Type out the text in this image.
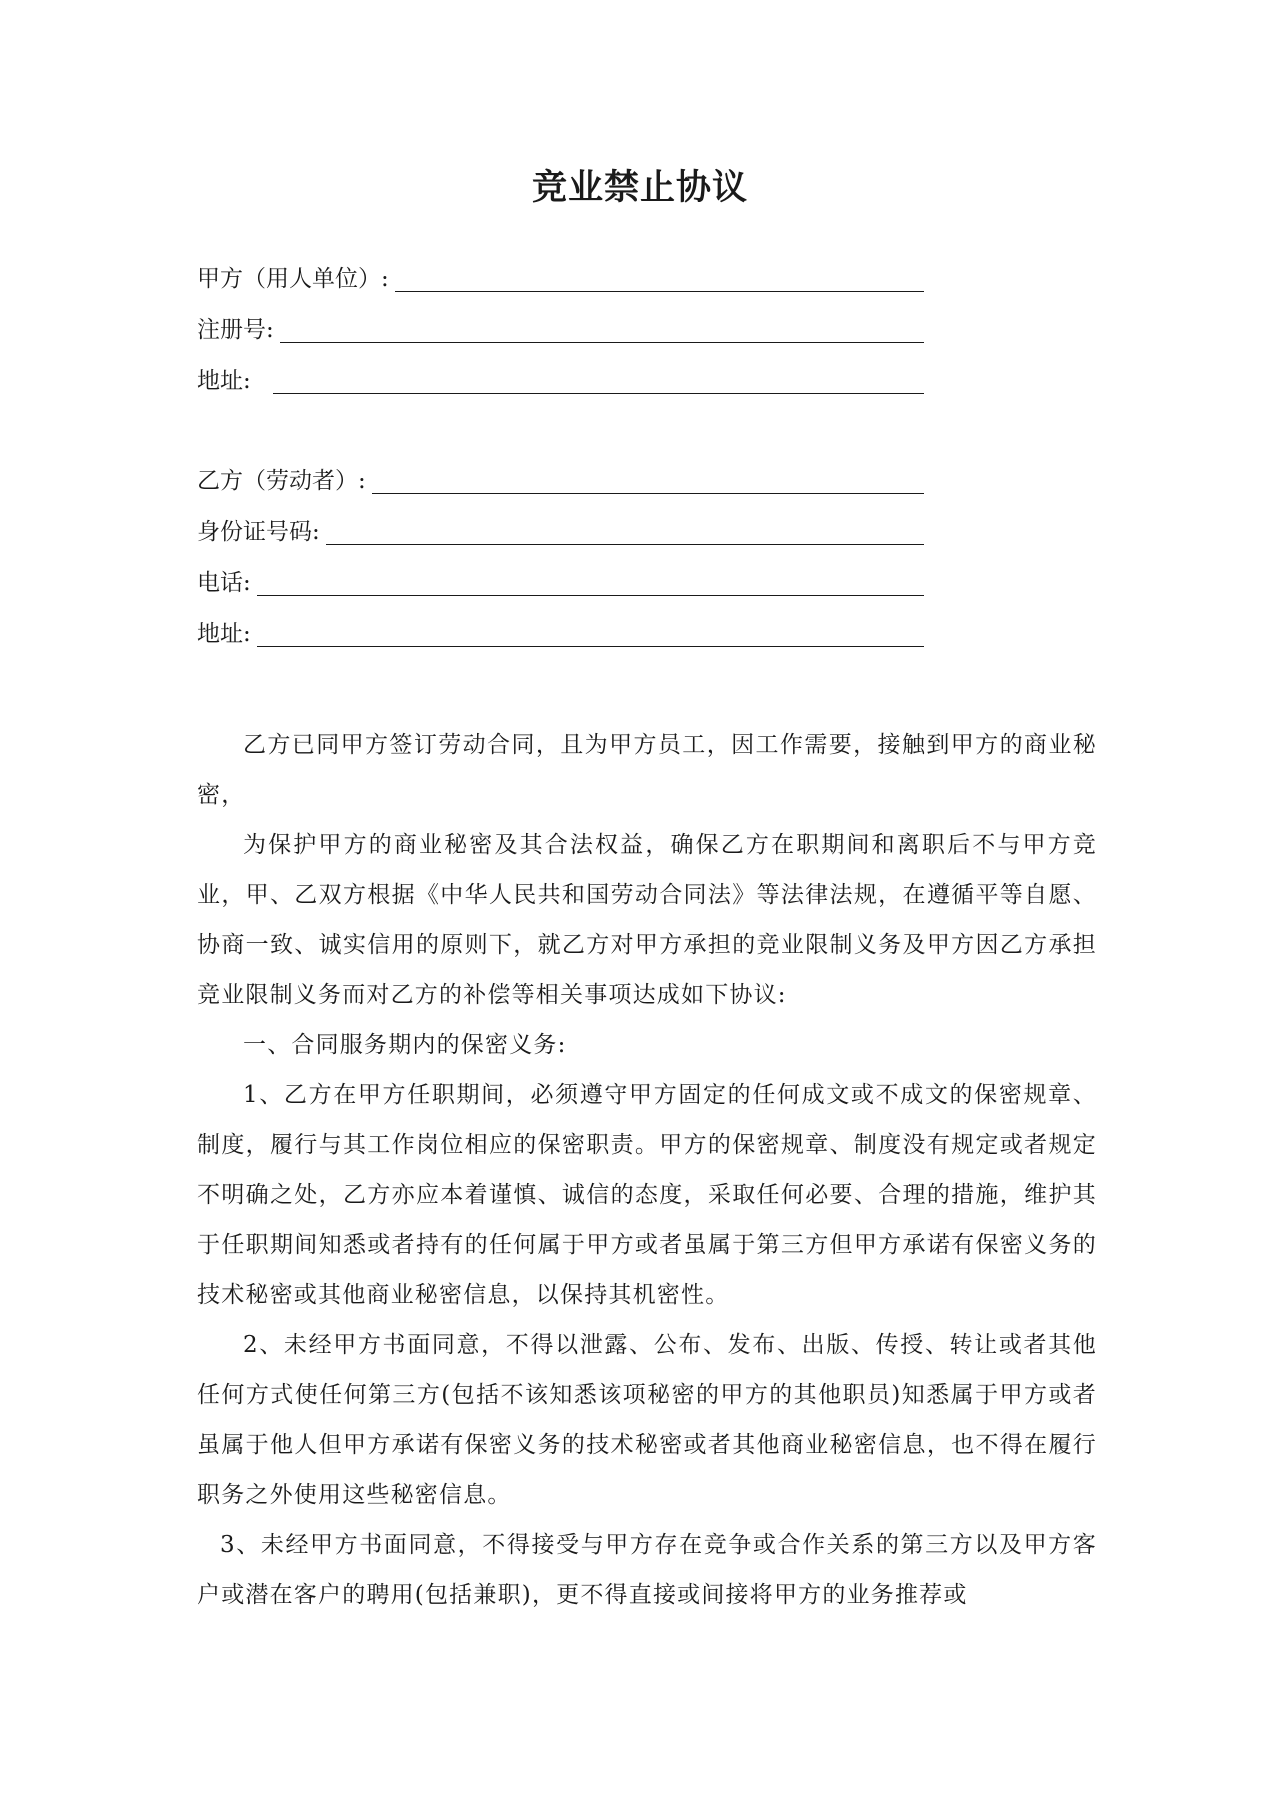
竞业禁止协议
甲方（用人单位）:
注册号:
地址:
乙方（劳动者）:
身份证号码:
电话:
地址:

乙方已同甲方签订劳动合同，且为甲方员工，因工作需要，接触到甲方的商业秘密，

为保护甲方的商业秘密及其合法权益，确保乙方在职期间和离职后不与甲方竞业，甲、乙双方根据《中华人民共和国劳动合同法》等法律法规，在遵循平等自愿、协商一致、诚实信用的原则下，就乙方对甲方承担的竞业限制义务及甲方因乙方承担竞业限制义务而对乙方的补偿等相关事项达成如下协议:

一、合同服务期内的保密义务:

1、乙方在甲方任职期间，必须遵守甲方固定的任何成文或不成文的保密规章、制度，履行与其工作岗位相应的保密职责。甲方的保密规章、制度没有规定或者规定不明确之处，乙方亦应本着谨慎、诚信的态度，采取任何必要、合理的措施，维护其于任职期间知悉或者持有的任何属于甲方或者虽属于第三方但甲方承诺有保密义务的技术秘密或其他商业秘密信息，以保持其机密性。

2、未经甲方书面同意，不得以泄露、公布、发布、出版、传授、转让或者其他任何方式使任何第三方(包括不该知悉该项秘密的甲方的其他职员)知悉属于甲方或者虽属于他人但甲方承诺有保密义务的技术秘密或者其他商业秘密信息，也不得在履行职务之外使用这些秘密信息。

3、未经甲方书面同意，不得接受与甲方存在竞争或合作关系的第三方以及甲方客户或潜在客户的聘用(包括兼职)，更不得直接或间接将甲方的业务推荐或
